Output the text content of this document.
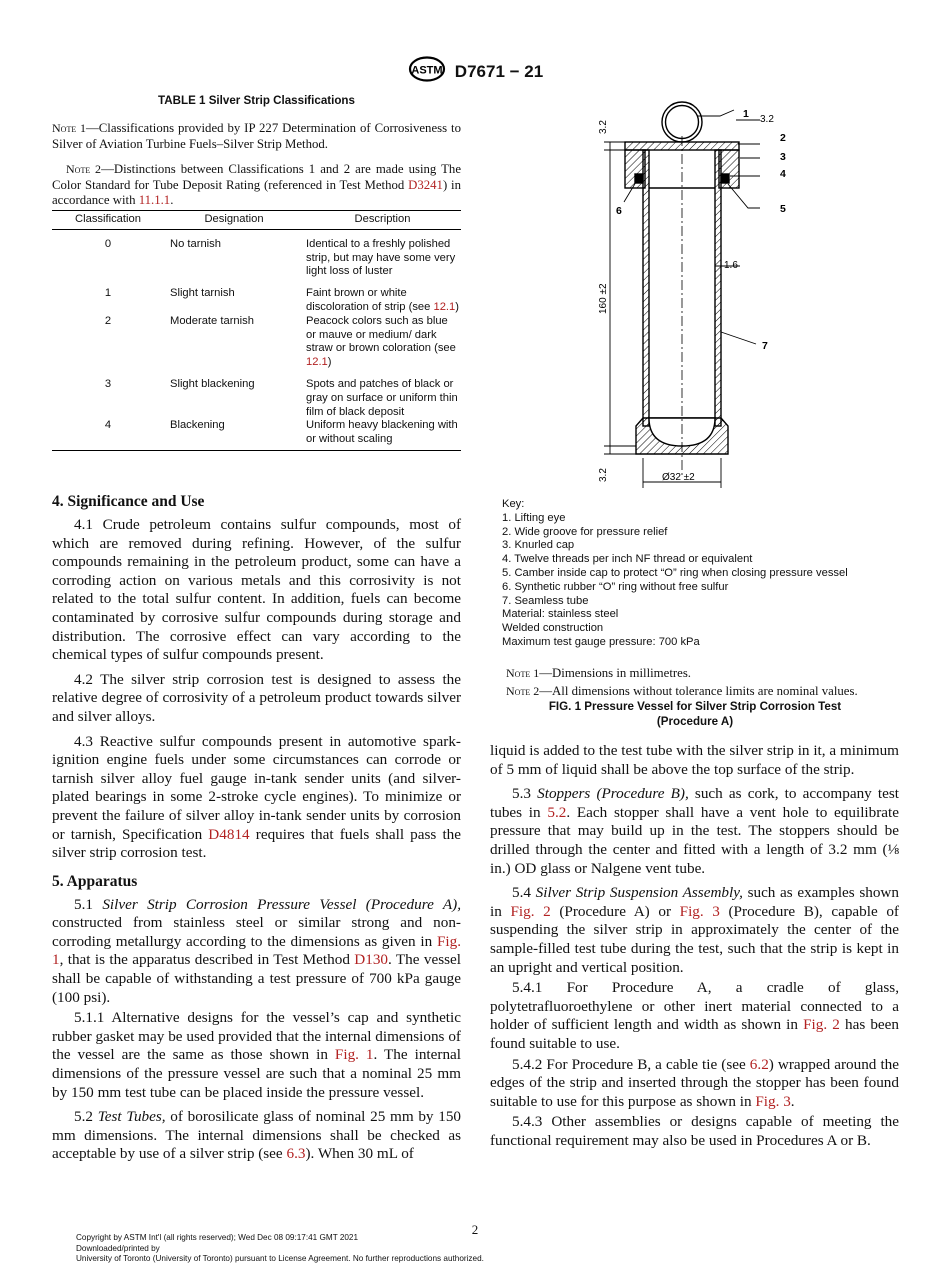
ASTM D7671 − 21
TABLE 1 Silver Strip Classifications
Note 1—Classifications provided by IP 227 Determination of Corrosiveness to Silver of Aviation Turbine Fuels–Silver Strip Method.
Note 2—Distinctions between Classifications 1 and 2 are made using The Color Standard for Tube Deposit Rating (referenced in Test Method D3241) in accordance with 11.1.1.
Classification	Designation	Description
0	No tarnish	Identical to a freshly polished strip, but may have some very light loss of luster
1	Slight tarnish	Faint brown or white discoloration of strip (see 12.1)
2	Moderate tarnish	Peacock colors such as blue or mauve or medium/ dark straw or brown coloration (see 12.1)
3	Slight blackening	Spots and patches of black or gray on surface or uniform thin film of black deposit
4	Blackening	Uniform heavy blackening with or without scaling
3.2
1.6
Ø32 ±2
3.2
160 ±2
3.2
1
2
3
4
5
6
7
Key:
1. Lifting eye
2. Wide groove for pressure relief
3. Knurled cap
4. Twelve threads per inch NF thread or equivalent
5. Camber inside cap to protect “O” ring when closing pressure vessel
6. Synthetic rubber “O” ring without free sulfur
7. Seamless tube
Material: stainless steel
Welded construction
Maximum test gauge pressure: 700 kPa
Note 1—Dimensions in millimetres.
Note 2—All dimensions without tolerance limits are nominal values.
FIG. 1 Pressure Vessel for Silver Strip Corrosion Test
(Procedure A)
4. Significance and Use

4.1 Crude petroleum contains sulfur compounds, most of which are removed during refining. However, of the sulfur compounds remaining in the petroleum product, some can have a corroding action on various metals and this corrosivity is not related to the total sulfur content. In addition, fuels can become contaminated by corrosive sulfur compounds during storage and distribution. The corrosive effect can vary according to the chemical types of sulfur compounds present.

4.2 The silver strip corrosion test is designed to assess the relative degree of corrosivity of a petroleum product towards silver and silver alloys.

4.3 Reactive sulfur compounds present in automotive spark-ignition engine fuels under some circumstances can corrode or tarnish silver alloy fuel gauge in-tank sender units (and silver-plated bearings in some 2-stroke cycle engines). To minimize or prevent the failure of silver alloy in-tank sender units by corrosion or tarnish, Specification D4814 requires that fuels shall pass the silver strip corrosion test.

5. Apparatus

5.1 Silver Strip Corrosion Pressure Vessel (Procedure A), constructed from stainless steel or similar strong and non-corroding metallurgy according to the dimensions as given in Fig. 1, that is the apparatus described in Test Method D130. The vessel shall be capable of withstanding a test pressure of 700 kPa gauge (100 psi).

5.1.1 Alternative designs for the vessel’s cap and synthetic rubber gasket may be used provided that the internal dimensions of the vessel are the same as those shown in Fig. 1. The internal dimensions of the pressure vessel are such that a nominal 25 mm by 150 mm test tube can be placed inside the pressure vessel.

5.2 Test Tubes, of borosilicate glass of nominal 25 mm by 150 mm dimensions. The internal dimensions shall be checked as acceptable by use of a silver strip (see 6.3). When 30 mL of

liquid is added to the test tube with the silver strip in it, a minimum of 5 mm of liquid shall be above the top surface of the strip.

5.3 Stoppers (Procedure B), such as cork, to accompany test tubes in 5.2. Each stopper shall have a vent hole to equilibrate pressure that may build up in the test. The stoppers should be drilled through the center and fitted with a length of 3.2 mm (⅛ in.) OD glass or Nalgene vent tube.

5.4 Silver Strip Suspension Assembly, such as examples shown in Fig. 2 (Procedure A) or Fig. 3 (Procedure B), capable of suspending the silver strip in approximately the center of the sample-filled test tube during the test, such that the strip is kept in an upright and vertical position.

5.4.1 For Procedure A, a cradle of glass, polytetrafluoroethylene or other inert material connected to a holder of sufficient length and width as shown in Fig. 2 has been found suitable to use.

5.4.2 For Procedure B, a cable tie (see 6.2) wrapped around the edges of the strip and inserted through the stopper has been found suitable to use for this purpose as shown in Fig. 3.

5.4.3 Other assemblies or designs capable of meeting the functional requirement may also be used in Procedures A or B.

2
Copyright by ASTM Int'l (all rights reserved); Wed Dec 08 09:17:41 GMT 2021
Downloaded/printed by
University of Toronto (University of Toronto) pursuant to License Agreement. No further reproductions authorized.
